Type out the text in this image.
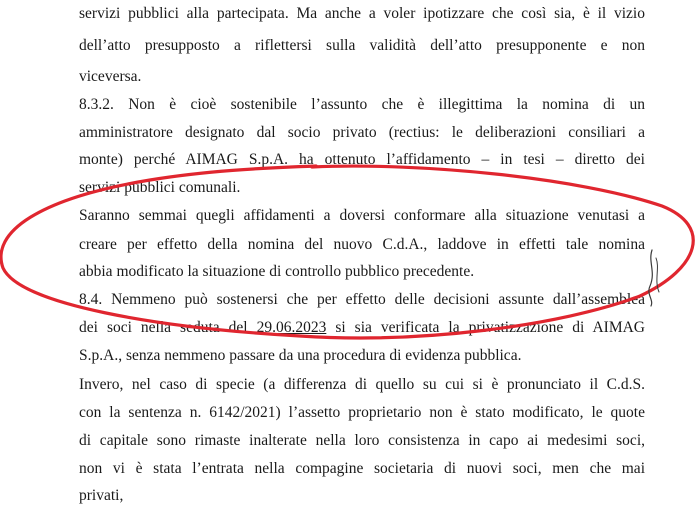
servizi pubblici alla partecipata. Ma anche a voler ipotizzare che così sia, è il vizio
dell’atto presupposto a riflettersi sulla validità dell’atto presupponente e non
viceversa.
8.3.2. Non è cioè sostenibile l’assunto che è illegittima la nomina di un
amministratore designato dal socio privato (rectius: le deliberazioni consiliari a
monte) perché AIMAG S.p.A. ha ottenuto l’affidamento – in tesi – diretto dei
servizi pubblici comunali.
Saranno semmai quegli affidamenti a doversi conformare alla situazione venutasi a
creare per effetto della nomina del nuovo C.d.A., laddove in effetti tale nomina
abbia modificato la situazione di controllo pubblico precedente.
8.4. Nemmeno può sostenersi che per effetto delle decisioni assunte dall’assemblea
dei soci nella seduta del 29.06.2023 si sia verificata la privatizzazione di AIMAG
S.p.A., senza nemmeno passare da una procedura di evidenza pubblica.
Invero, nel caso di specie (a differenza di quello su cui si è pronunciato il C.d.S.
con la sentenza n. 6142/2021) l’assetto proprietario non è stato modificato, le quote
di capitale sono rimaste inalterate nella loro consistenza in capo ai medesimi soci,
non vi è stata l’entrata nella compagine societaria di nuovi soci, men che mai
privati,
